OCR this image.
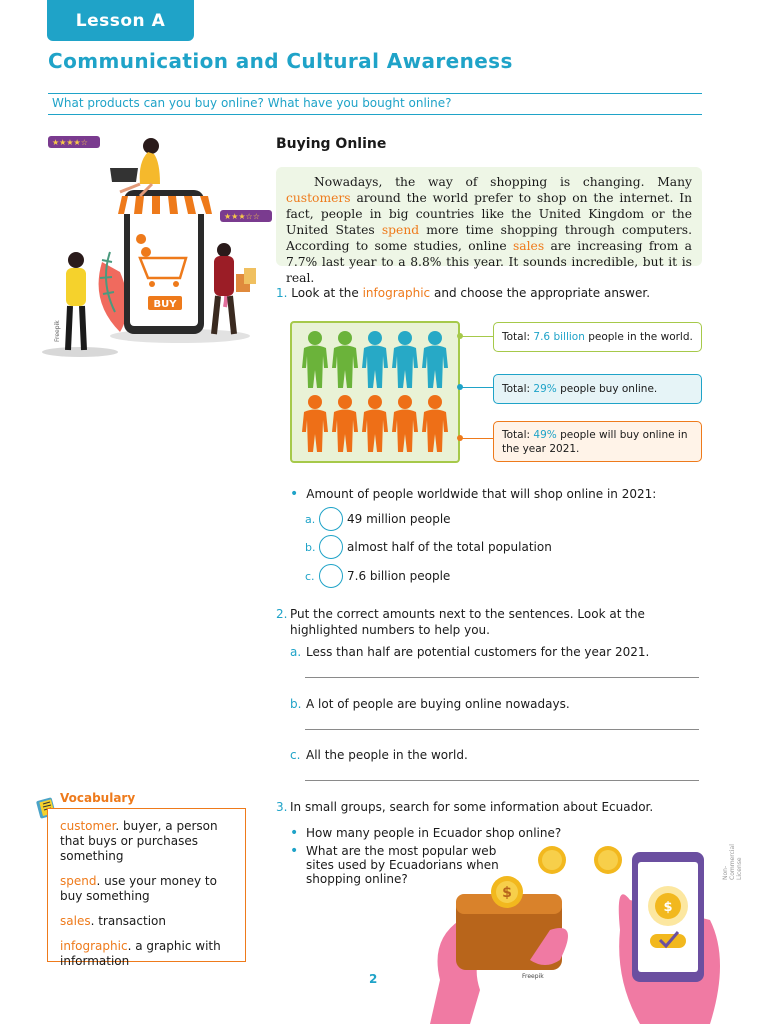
Lesson A
Communication and Cultural Awareness
What products can you buy online? What have you bought online?
BUY
★★★★☆
★★★☆☆
Freepik
Buying Online
Nowadays, the way of shopping is changing. Many customers around the world prefer to shop on the internet. In fact, people in big countries like the United Kingdom or the United States spend more time shopping through computers. According to some studies, online sales are increasing from a 7.7% last year to a 8.8% this year. It sounds incredible, but it is real.
1. Look at the infographic and choose the appropriate answer.
Total: 7.6 billion people in the world.
Total: 29% people buy online.
Total: 49% people will buy online in the year 2021.
• Amount of people worldwide that will shop online in 2021:
a.	49 million people
b.	almost half of the total population
c.	7.6 billion people
2. Put the correct amounts next to the sentences. Look at the highlighted numbers to help you.
a. Less than half are potential customers for the year 2021.
b. A lot of people are buying online nowadays.
c. All the people in the world.
3. In small groups, search for some information about Ecuador.
• How many people in Ecuador shop online?
• What are the most popular web sites used by Ecuadorians when shopping online?
Vocabulary
customer. buyer, a person that buys or purchases something
spend. use your money to buy something
sales. transaction
infographic. a graphic with information
$
Freepik
$
2
Non-Commercial License
